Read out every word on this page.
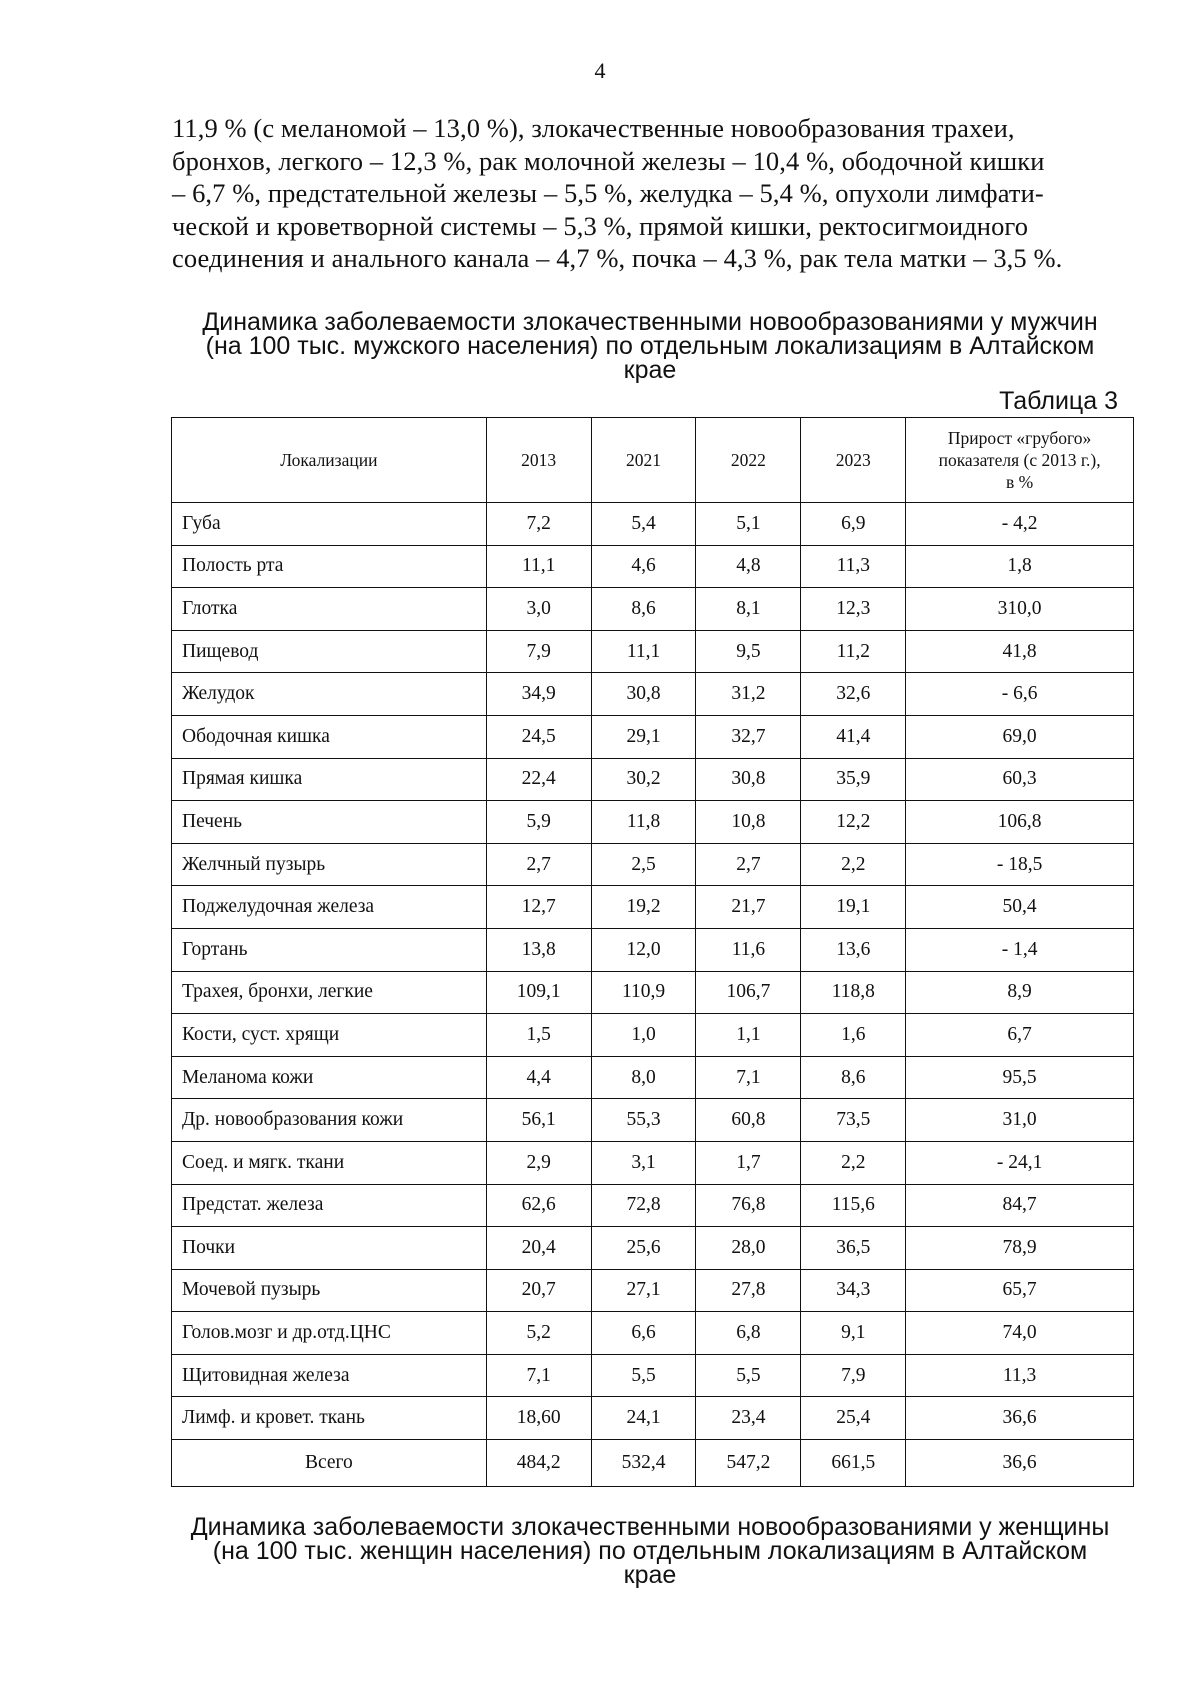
4
11,9 % (с меланомой – 13,0 %), злокачественные новообразования трахеи,
бронхов, легкого – 12,3 %, рак молочной железы – 10,4 %, ободочной кишки
– 6,7 %, предстательной железы – 5,5 %, желудка – 5,4 %, опухоли лимфати-
ческой и кроветворной системы – 5,3 %, прямой кишки, ректосигмоидного
соединения и анального канала – 4,7 %, почка – 4,3 %, рак тела матки – 3,5 %.
Динамика заболеваемости злокачественными новообразованиями у мужчин
(на 100 тыс. мужского населения) по отдельным локализациям в Алтайском
крае
Таблица 3
Локализации	2013	2021	2022	2023	Прирост «грубого»
показателя (с 2013 г.),
в %

Губа	7,2	5,4	5,1	6,9	- 4,2
Полость рта	11,1	4,6	4,8	11,3	1,8
Глотка	3,0	8,6	8,1	12,3	310,0
Пищевод	7,9	11,1	9,5	11,2	41,8
Желудок	34,9	30,8	31,2	32,6	- 6,6
Ободочная кишка	24,5	29,1	32,7	41,4	69,0
Прямая кишка	22,4	30,2	30,8	35,9	60,3
Печень	5,9	11,8	10,8	12,2	106,8
Желчный пузырь	2,7	2,5	2,7	2,2	- 18,5
Поджелудочная железа	12,7	19,2	21,7	19,1	50,4
Гортань	13,8	12,0	11,6	13,6	- 1,4
Трахея, бронхи, легкие	109,1	110,9	106,7	118,8	8,9
Кости, суст. хрящи	1,5	1,0	1,1	1,6	6,7
Меланома кожи	4,4	8,0	7,1	8,6	95,5
Др. новообразования кожи	56,1	55,3	60,8	73,5	31,0
Соед. и мягк. ткани	2,9	3,1	1,7	2,2	- 24,1
Предстат. железа	62,6	72,8	76,8	115,6	84,7
Почки	20,4	25,6	28,0	36,5	78,9
Мочевой пузырь	20,7	27,1	27,8	34,3	65,7
Голов.мозг и др.отд.ЦНС	5,2	6,6	6,8	9,1	74,0
Щитовидная железа	7,1	5,5	5,5	7,9	11,3
Лимф. и кровет. ткань	18,60	24,1	23,4	25,4	36,6
Всего	484,2	532,4	547,2	661,5	36,6
Динамика заболеваемости злокачественными новообразованиями у женщины
(на 100 тыс. женщин населения) по отдельным локализациям в Алтайском
крае
